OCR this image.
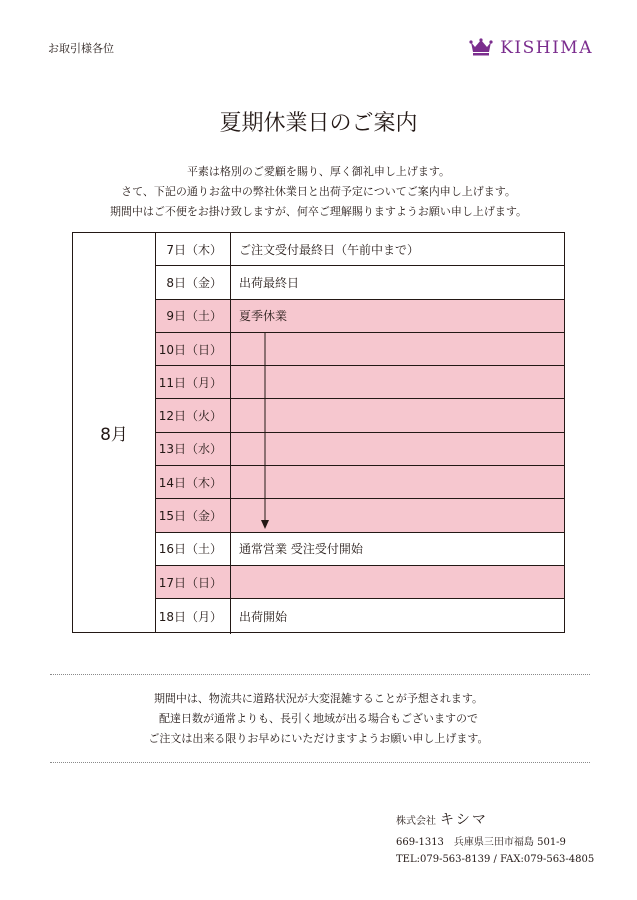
お取引様各位	KISHIMA
夏期休業日のご案内
平素は格別のご愛顧を賜り、厚く御礼申し上げます。
さて、下記の通りお盆中の弊社休業日と出荷予定についてご案内申し上げます。
期間中はご不便をお掛け致しますが、何卒ご理解賜りますようお願い申し上げます。
8月
7日（木）	ご注文受付最終日（午前中まで）
8日（金）	出荷最終日
9日（土）	夏季休業
10日（日）
11日（月）
12日（火）
13日（水）
14日（木）
15日（金）
16日（土）	通常営業 受注受付開始
17日（日）
18日（月）	出荷開始
期間中は、物流共に道路状況が大変混雑することが予想されます。
配達日数が通常よりも、長引く地域が出る場合もございますので
ご注文は出来る限りお早めにいただけますようお願い申し上げます。
株式会社 キシマ
669-1313　兵庫県三田市福島 501-9
TEL:079-563-8139 / FAX:079-563-4805
